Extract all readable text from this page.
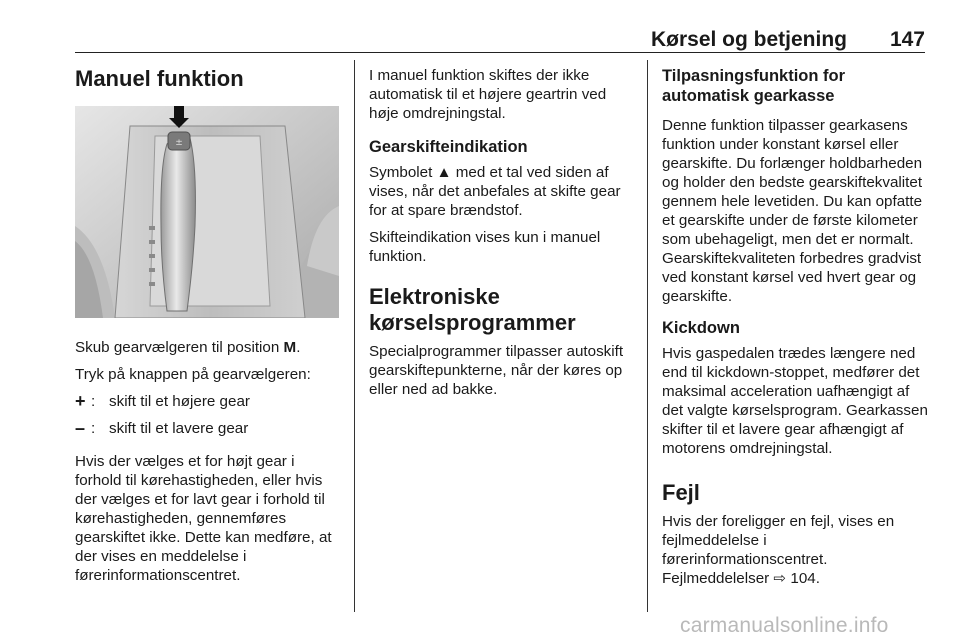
Kørsel og betjening 147
Manuel funktion
±

Skub gearvælgeren til position M.

Tryk på knappen på gearvælgeren:

+ : skift til et højere gear
– : skift til et lavere gear

Hvis der vælges et for højt gear i forhold til kørehastigheden, eller hvis der vælges et for lavt gear i forhold til kørehastigheden, gennemføres gearskiftet ikke. Dette kan medføre, at der vises en meddelelse i førerinformationscentret.

I manuel funktion skiftes der ikke automatisk til et højere geartrin ved høje omdrejningstal.

Gearskifteindikation

Symbolet ▲ med et tal ved siden af vises, når det anbefales at skifte gear for at spare brændstof.

Skifteindikation vises kun i manuel funktion.

Elektroniske kørselsprogrammer

Specialprogrammer tilpasser autoskift gearskiftepunkterne, når der køres op eller ned ad bakke.

Tilpasningsfunktion for automatisk gearkasse

Denne funktion tilpasser gearkasens funktion under konstant kørsel eller gearskifte. Du forlænger holdbarheden og holder den bedste gearskiftekvalitet gennem hele levetiden. Du kan opfatte et gearskifte under de første kilometer som ubehageligt, men det er normalt. Gearskiftekvaliteten forbedres gradvist ved konstant kørsel ved hvert gear og gearskifte.

Kickdown

Hvis gaspedalen trædes længere ned end til kickdown-stoppet, medfører det maksimal acceleration uafhængigt af det valgte kørselsprogram. Gearkassen skifter til et lavere gear afhængigt af motorens omdrejningstal.

Fejl

Hvis der foreligger en fejl, vises en fejlmeddelelse i førerinformationscentret. Fejlmeddelelser ⇨ 104.

carmanualsonline.info
